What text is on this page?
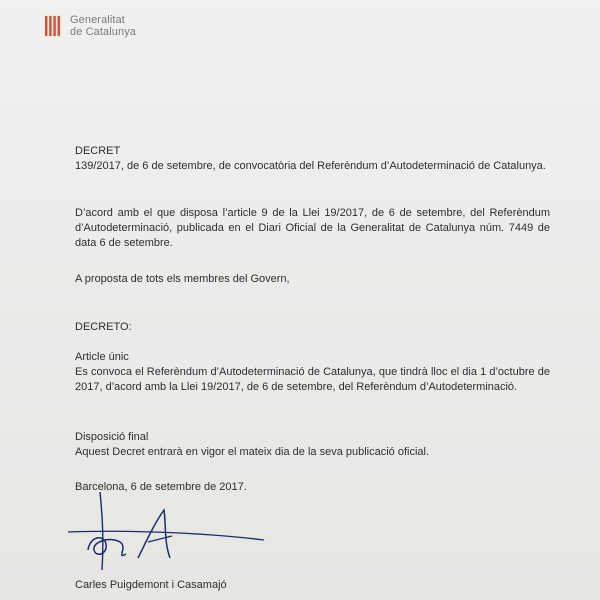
Generalitat
de Catalunya

DECRET

139/2017, de 6 de setembre, de convocatòria del Referèndum d’Autodeterminació de Catalunya.

D’acord amb el que disposa l’article 9 de la Llei 19/2017, de 6 de setembre, del Referèndum d’Autodeterminació, publicada en el Diari Oficial de la Generalitat de Catalunya núm. 7449 de data 6 de setembre.

A proposta de tots els membres del Govern,

DECRETO:

Article únic

Es convoca el Referèndum d’Autodeterminació de Catalunya, que tindrà lloc el dia 1 d’octubre de 2017, d’acord amb la Llei 19/2017, de 6 de setembre, del Referèndum d’Autodeterminació.

Disposició final

Aquest Decret entrarà en vigor el mateix dia de la seva publicació oficial.

Barcelona, 6 de setembre de 2017.

Carles Puigdemont i Casamajó
